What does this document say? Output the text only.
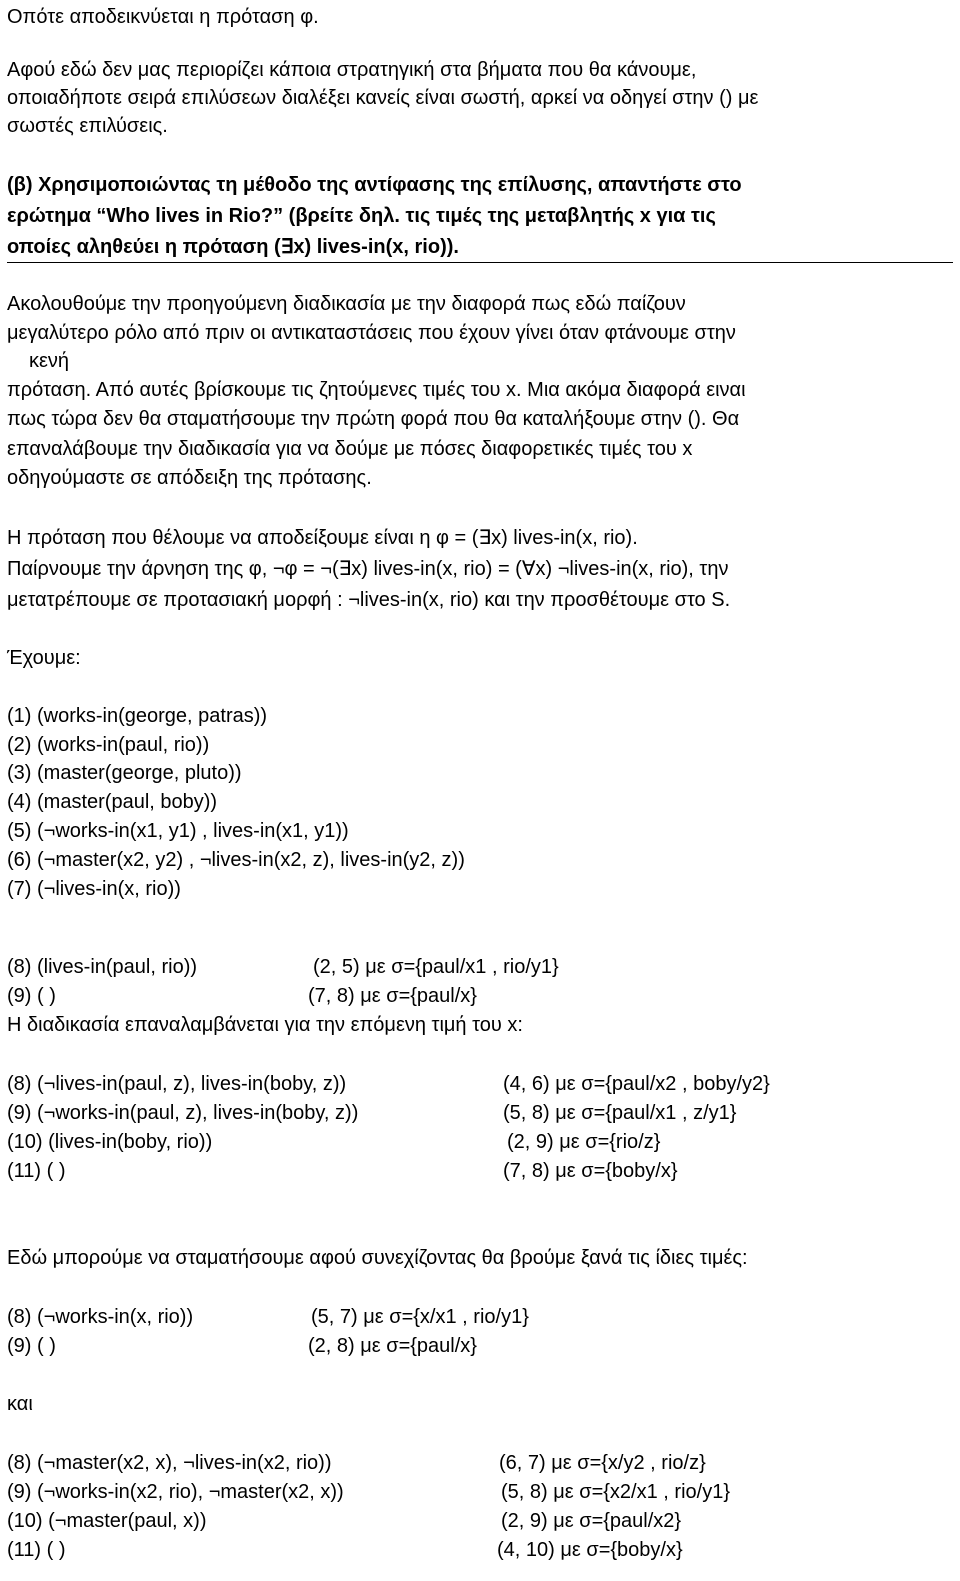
Οπότε αποδεικνύεται η πρόταση φ.
Αφού εδώ δεν μας περιορίζει κάποια στρατηγική στα βήματα που θα κάνουμε,
οποιαδήποτε σειρά επιλύσεων διαλέξει κανείς είναι σωστή, αρκεί να οδηγεί στην () με
σωστές επιλύσεις.
(β) Χρησιμοποιώντας τη μέθοδο της αντίφασης της επίλυσης, απαντήστε στο
ερώτημα “Who lives in Rio?” (βρείτε δηλ. τις τιμές της μεταβλητής x για τις
οποίες αληθεύει η πρόταση (∃x) lives-in(x, rio)).
Ακολουθούμε την προηγούμενη διαδικασία με την διαφορά πως εδώ παίζουν
μεγαλύτερο ρόλο από πριν οι αντικαταστάσεις που έχουν γίνει όταν φτάνουμε στην
κενή
πρόταση. Από αυτές βρίσκουμε τις ζητούμενες τιμές του x. Μια ακόμα διαφορά ειναι
πως τώρα δεν θα σταματήσουμε την πρώτη φορά που θα καταλήξουμε στην (). Θα
επαναλάβουμε την διαδικασία για να δούμε με πόσες διαφορετικές τιμές του x
οδηγούμαστε σε απόδειξη της πρότασης.
Η πρόταση που θέλουμε να αποδείξουμε είναι η φ = (∃x) lives-in(x, rio).
Παίρνουμε την άρνηση της φ, ¬φ = ¬(∃x) lives-in(x, rio) = (∀x) ¬lives-in(x, rio), την
μετατρέπουμε σε προτασιακή μορφή : ¬lives-in(x, rio) και την προσθέτουμε στο S.
Έχουμε:
(1) (works-in(george, patras))
(2) (works-in(paul, rio))
(3) (master(george, pluto))
(4) (master(paul, boby))
(5) (¬works-in(x1, y1) , lives-in(x1, y1))
(6) (¬master(x2, y2) , ¬lives-in(x2, z), lives-in(y2, z))
(7) (¬lives-in(x, rio))
(8) (lives-in(paul, rio))	(2, 5) με σ={paul/x1 , rio/y1}
(9) ( )	(7, 8) με σ={paul/x}
Η διαδικασία επαναλαμβάνεται για την επόμενη τιμή του x:
(8) (¬lives-in(paul, z), lives-in(boby, z))	(4, 6) με σ={paul/x2 , boby/y2}
(9) (¬works-in(paul, z), lives-in(boby, z))	(5, 8) με σ={paul/x1 , z/y1}
(10) (lives-in(boby, rio))	(2, 9) με σ={rio/z}
(11) ( )	(7, 8) με σ={boby/x}
Εδώ μπορούμε να σταματήσουμε αφού συνεχίζοντας θα βρούμε ξανά τις ίδιες τιμές:
(8) (¬works-in(x, rio))	(5, 7) με σ={x/x1 , rio/y1}
(9) ( )	(2, 8) με σ={paul/x}
και
(8) (¬master(x2, x), ¬lives-in(x2, rio))	(6, 7) με σ={x/y2 , rio/z}
(9) (¬works-in(x2, rio), ¬master(x2, x))	(5, 8) με σ={x2/x1 , rio/y1}
(10) (¬master(paul, x))	(2, 9) με σ={paul/x2}
(11) ( )	(4, 10) με σ={boby/x}
